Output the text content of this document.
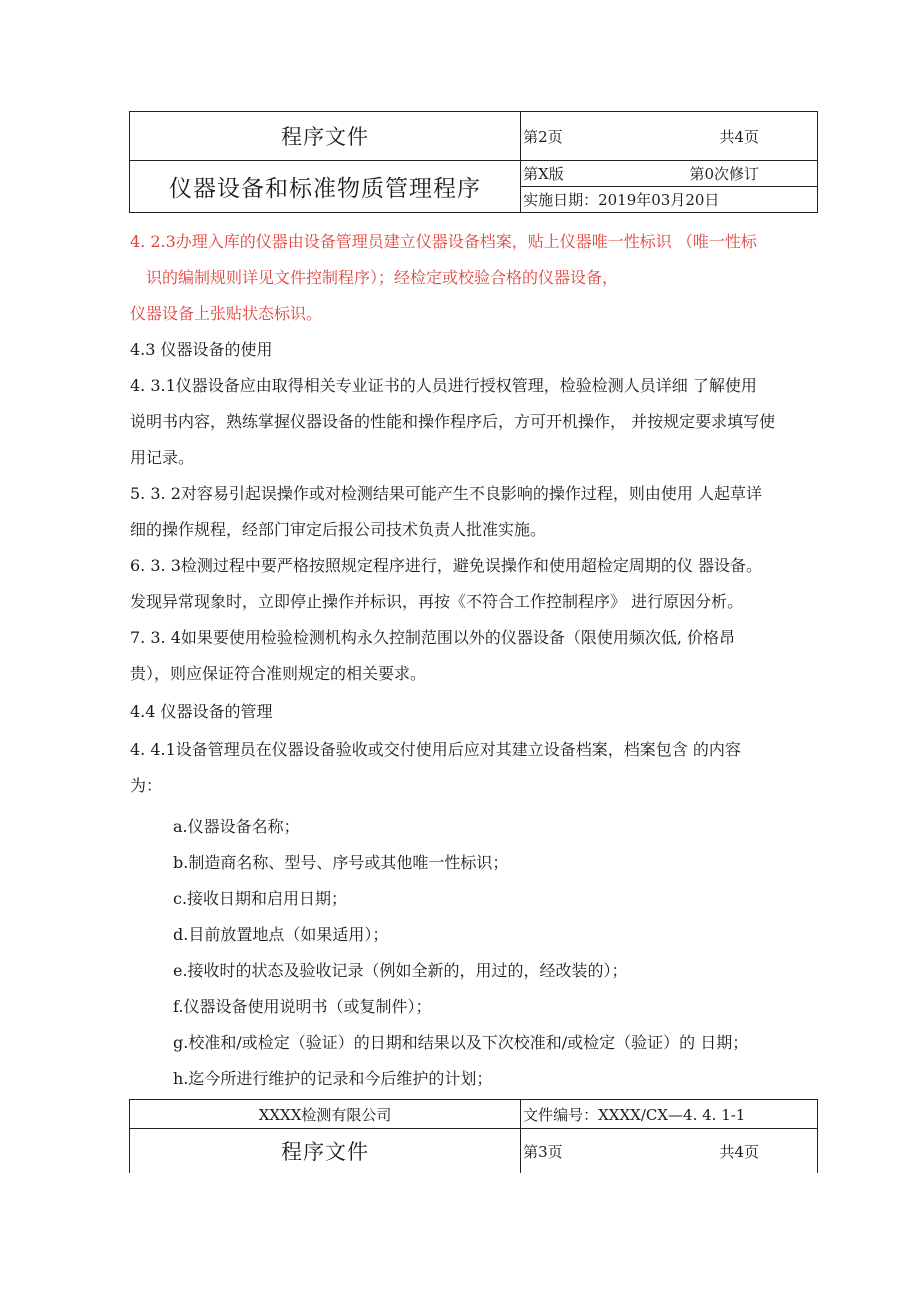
程序文件	第2页 共4页

仪器设备和标准物质管理程序	第X版 第0次修订

	实施日期：2019年03月20日

4. 2.3办理入库的仪器由设备管理员建立仪器设备档案，贴上仪器唯一性标识 （唯一性标

识的编制规则详见文件控制程序）；经检定或校验合格的仪器设备，

仪器设备上张贴状态标识。

4.3 仪器设备的使用

4. 3.1仪器设备应由取得相关专业证书的人员进行授权管理，检验检测人员详细 了解使用

说明书内容，熟练掌握仪器设备的性能和操作程序后，方可开机操作， 并按规定要求填写使

用记录。

5. 3. 2对容易引起误操作或对检测结果可能产生不良影响的操作过程，则由使用 人起草详

细的操作规程，经部门审定后报公司技术负责人批准实施。

6. 3. 3检测过程中要严格按照规定程序进行，避免误操作和使用超检定周期的仪 器设备。

发现异常现象时，立即停止操作并标识，再按《不符合工作控制程序》 进行原因分析。

7. 3. 4如果要使用检验检测机构永久控制范围以外的仪器设备（限使用频次低, 价格昂

贵），则应保证符合准则规定的相关要求。

4.4 仪器设备的管理

4. 4.1设备管理员在仪器设备验收或交付使用后应对其建立设备档案，档案包含 的内容

为：

a.仪器设备名称；

b.制造商名称、型号、序号或其他唯一性标识；

c.接收日期和启用日期；

d.目前放置地点（如果适用）；

e.接收时的状态及验收记录（例如全新的，用过的，经改装的）；

f.仪器设备使用说明书（或复制件）；

g.校准和/或检定（验证）的日期和结果以及下次校准和/或检定（验证）的 日期；

h.迄今所进行维护的记录和今后维护的计划；

XXXX检测有限公司	文件编号：XXXX/CX—4. 4. 1-1
程序文件	第3页 共4页
